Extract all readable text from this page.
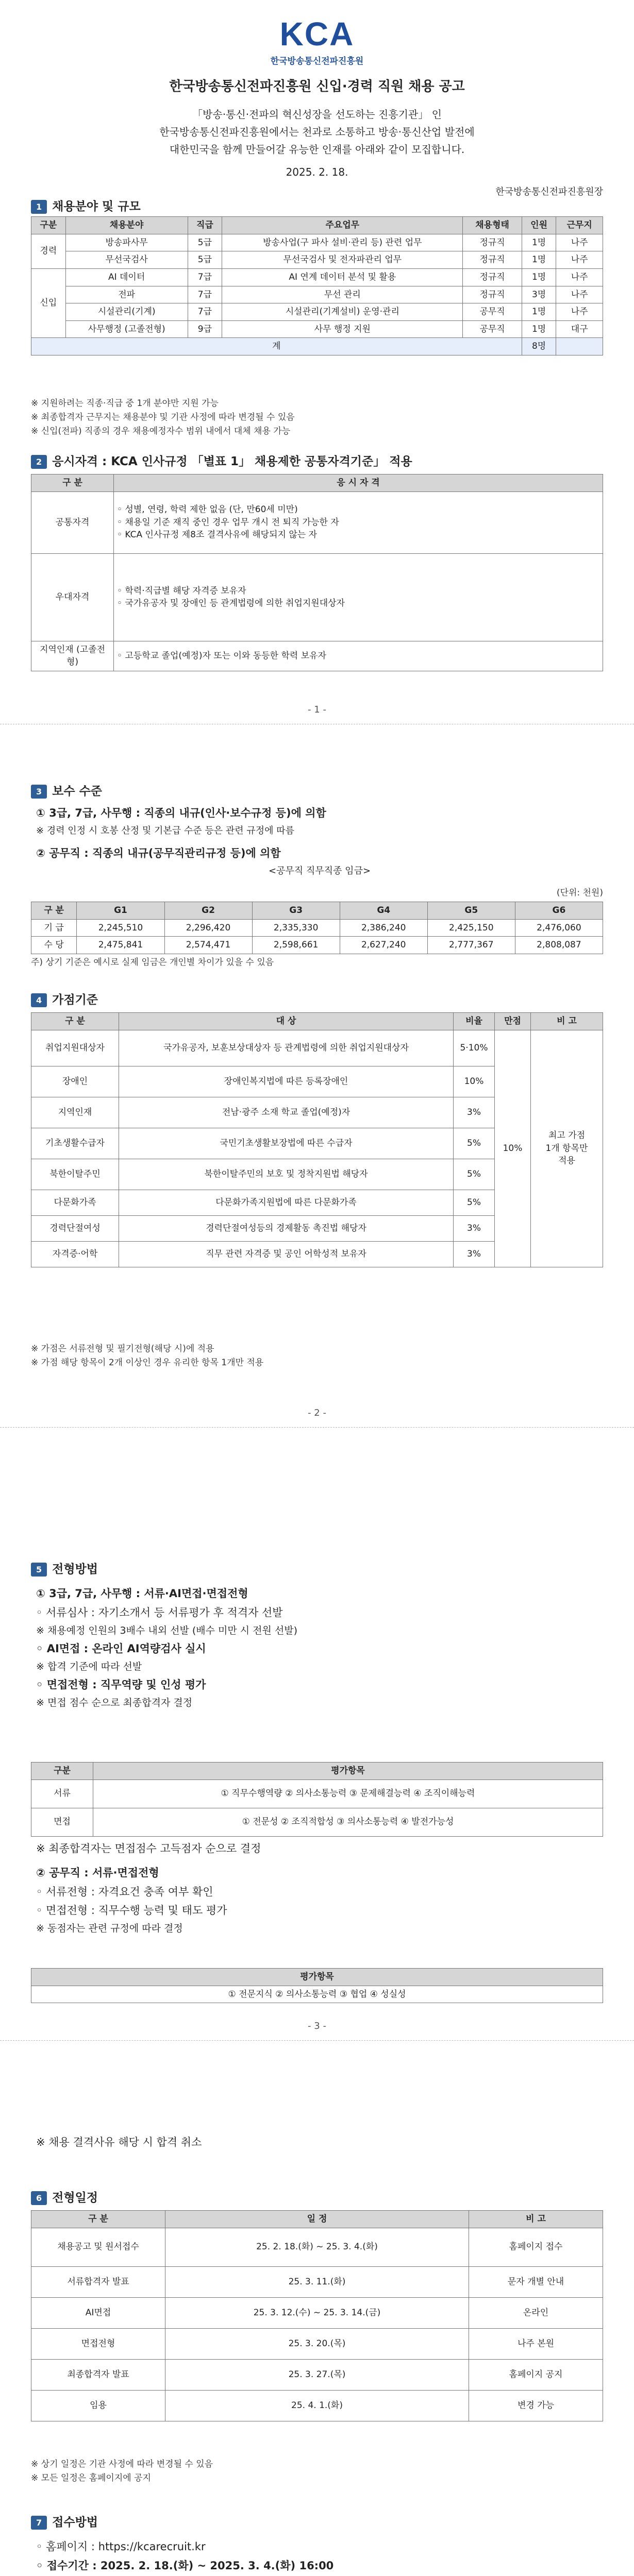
KCA
한국방송통신전파진흥원
한국방송통신전파진흥원 신입·경력 직원 채용 공고
「방송·통신·전파의 혁신성장을 선도하는 진흥기관」 인
한국방송통신전파진흥원에서는 천과로 소통하고 방송·통신산업 발전에
대한민국을 함께 만들어갈 유능한 인재를 아래와 같이 모집합니다.
2025. 2. 18.
한국방송통신전파진흥원장
1 채용분야 및 규모
구분	채용분야	직급	주요업무	채용형태	인원	근무지
경력	방송파사무	5급	방송사업(구 파사 설비·관리 등) 관련 업무	정규직	1명	나주
	무선국검사	5급	무선국검사 및 전자파관리 업무	정규직	1명	나주
신입	AI 데이터	7급	AI 연계 데이터 분석 및 활용	정규직	1명	나주
	전파	7급	무선 관리	정규직	3명	나주
	시설관리(기계)	7급	시설관리(기계설비) 운영·관리	공무직	1명	나주
	사무행정 (고졸전형)	9급	사무 행정 지원	공무직	1명	대구
계					8명	
※ 지원하려는 직종·직급 중 1개 분야만 지원 가능
※ 최종합격자 근무지는 채용분야 및 기관 사정에 따라 변경될 수 있음
※ 신입(전파) 직종의 경우 채용예정자수 범위 내에서 대체 채용 가능
2 응시자격 : KCA 인사규정 「별표 1」 채용제한 공통자격기준」 적용
구 분	응 시 자 격
공통자격	◦ 성별, 연령, 학력 제한 없음 (단, 만60세 미만)
◦ 채용일 기준 재직 중인 경우 업무 개시 전 퇴직 가능한 자
◦ KCA 인사규정 제8조 결격사유에 해당되지 않는 자
우대자격	◦ 학력·직급별 해당 자격증 보유자
◦ 국가유공자 및 장애인 등 관계법령에 의한 취업지원대상자
지역인재 (고졸전형)	◦ 고등학교 졸업(예정)자 또는 이와 동등한 학력 보유자
- 1 -
3 보수 수준

① 3급, 7급, 사무행 : 직종의 내규(인사·보수규정 등)에 의함

※ 경력 인정 시 호봉 산정 및 기본급 수준 등은 관련 규정에 따름

② 공무직 : 직종의 내규(공무직관리규정 등)에 의함

<공무직 직무직종 임금>

(단위: 천원)
구 분	G1	G2	G3	G4	G5	G6
기 급	2,245,510	2,296,420	2,335,330	2,386,240	2,425,150	2,476,060
수 당	2,475,841	2,574,471	2,598,661	2,627,240	2,777,367	2,808,087
주) 상기 기준은 예시로 실제 임금은 개인별 차이가 있을 수 있음
4 가점기준
구 분	대 상	비율	만점	비 고
취업지원대상자	국가유공자, 보훈보상대상자 등 관계법령에 의한 취업지원대상자	5·10%	10%	최고 가점
1개 항목만
적용
장애인	장애인복지법에 따른 등록장애인	10%		
지역인재	전남·광주 소재 학교 졸업(예정)자	3%		
기초생활수급자	국민기초생활보장법에 따른 수급자	5%		
북한이탈주민	북한이탈주민의 보호 및 정착지원법 해당자	5%		
다문화가족	다문화가족지원법에 따른 다문화가족	5%		
경력단절여성	경력단절여성등의 경제활동 촉진법 해당자	3%		
자격증·어학	직무 관련 자격증 및 공인 어학성적 보유자	3%		
※ 가점은 서류전형 및 필기전형(해당 시)에 적용
※ 가점 해당 항목이 2개 이상인 경우 유리한 항목 1개만 적용
- 2 -
5 전형방법

① 3급, 7급, 사무행 : 서류·AI면접·면접전형

◦ 서류심사 : 자기소개서 등 서류평가 후 적격자 선발

※ 채용예정 인원의 3배수 내외 선발 (배수 미만 시 전원 선발)

◦ AI면접 : 온라인 AI역량검사 실시

※ 합격 기준에 따라 선발

◦ 면접전형 : 직무역량 및 인성 평가

※ 면접 점수 순으로 최종합격자 결정

구분	평가항목
서류	① 직무수행역량 ② 의사소통능력 ③ 문제해결능력 ④ 조직이해능력
면접	① 전문성 ② 조직적합성 ③ 의사소통능력 ④ 발전가능성

※ 최종합격자는 면접점수 고득점자 순으로 결정

② 공무직 : 서류·면접전형

◦ 서류전형 : 자격요건 충족 여부 확인

◦ 면접전형 : 직무수행 능력 및 태도 평가

※ 동점자는 관련 규정에 따라 결정

평가항목
① 전문지식 ② 의사소통능력 ③ 협업 ④ 성실성
- 3 -

※ 채용 결격사유 해당 시 합격 취소

6 전형일정
구 분	일 정	비 고
채용공고 및 원서접수	25. 2. 18.(화) ~ 25. 3. 4.(화)	홈페이지 접수
서류합격자 발표	25. 3. 11.(화)	문자 개별 안내
AI면접	25. 3. 12.(수) ~ 25. 3. 14.(금)	온라인
면접전형	25. 3. 20.(목)	나주 본원
최종합격자 발표	25. 3. 27.(목)	홈페이지 공지
임용	25. 4. 1.(화)	변경 가능
※ 상기 일정은 기관 사정에 따라 변경될 수 있음
※ 모든 일정은 홈페이지에 공지
7 접수방법

◦ 홈페이지 : https://kcarecruit.kr

◦ 접수기간 : 2025. 2. 18.(화) ~ 2025. 3. 4.(화) 16:00
